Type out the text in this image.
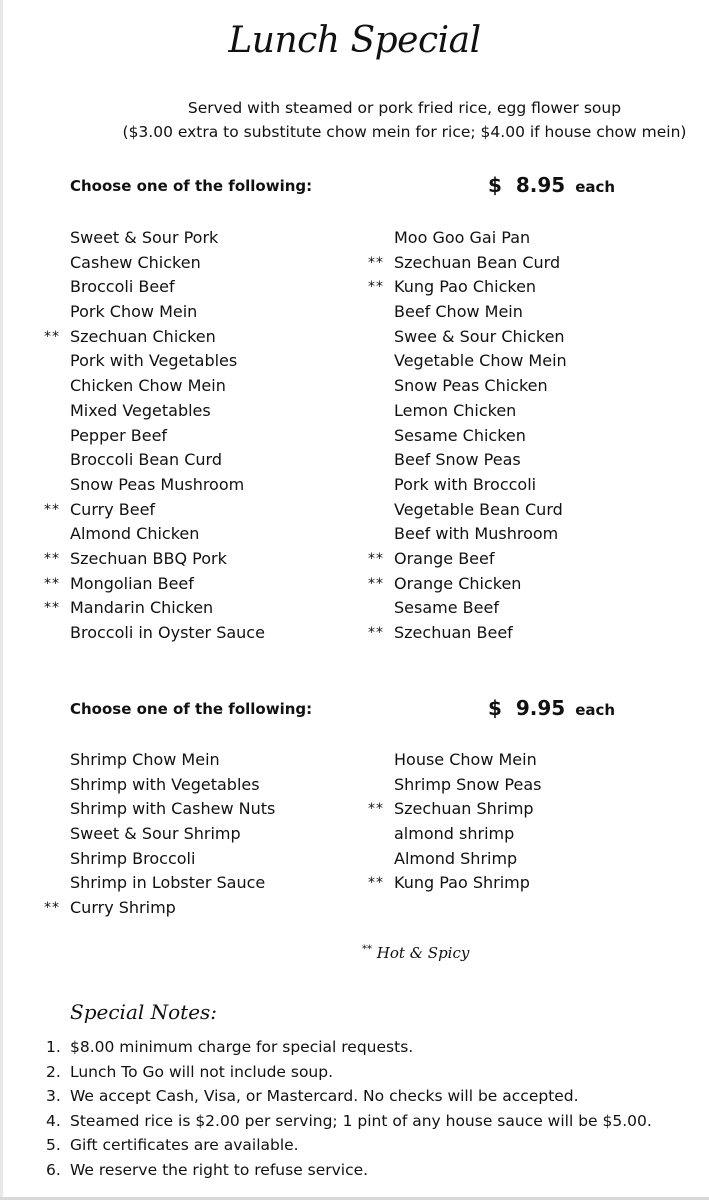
Lunch Special
Served with steamed or pork fried rice, egg flower soup
($3.00 extra to substitute chow mein for rice; $4.00 if house chow mein)
Choose one of the following:	$  8.95 each
Sweet & Sour Pork
Cashew Chicken
Broccoli Beef
Pork Chow Mein
** Szechuan Chicken
Pork with Vegetables
Chicken Chow Mein
Mixed Vegetables
Pepper Beef
Broccoli Bean Curd
Snow Peas Mushroom
** Curry Beef
Almond Chicken
** Szechuan BBQ Pork
** Mongolian Beef
** Mandarin Chicken
Broccoli in Oyster Sauce
Moo Goo Gai Pan
** Szechuan Bean Curd
** Kung Pao Chicken
Beef Chow Mein
Swee & Sour Chicken
Vegetable Chow Mein
Snow Peas Chicken
Lemon Chicken
Sesame Chicken
Beef Snow Peas
Pork with Broccoli
Vegetable Bean Curd
Beef with Mushroom
** Orange Beef
** Orange Chicken
Sesame Beef
** Szechuan Beef
Choose one of the following:	$  9.95 each
Shrimp Chow Mein
Shrimp with Vegetables
Shrimp with Cashew Nuts
Sweet & Sour Shrimp
Shrimp Broccoli
Shrimp in Lobster Sauce
** Curry Shrimp
House Chow Mein
Shrimp Snow Peas
** Szechuan Shrimp
almond shrimp
Almond Shrimp
** Kung Pao Shrimp
** Hot & Spicy
Special Notes:
1. $8.00 minimum charge for special requests.
2. Lunch To Go will not include soup.
3. We accept Cash, Visa, or Mastercard. No checks will be accepted.
4. Steamed rice is $2.00 per serving; 1 pint of any house sauce will be $5.00.
5. Gift certificates are available.
6. We reserve the right to refuse service.
